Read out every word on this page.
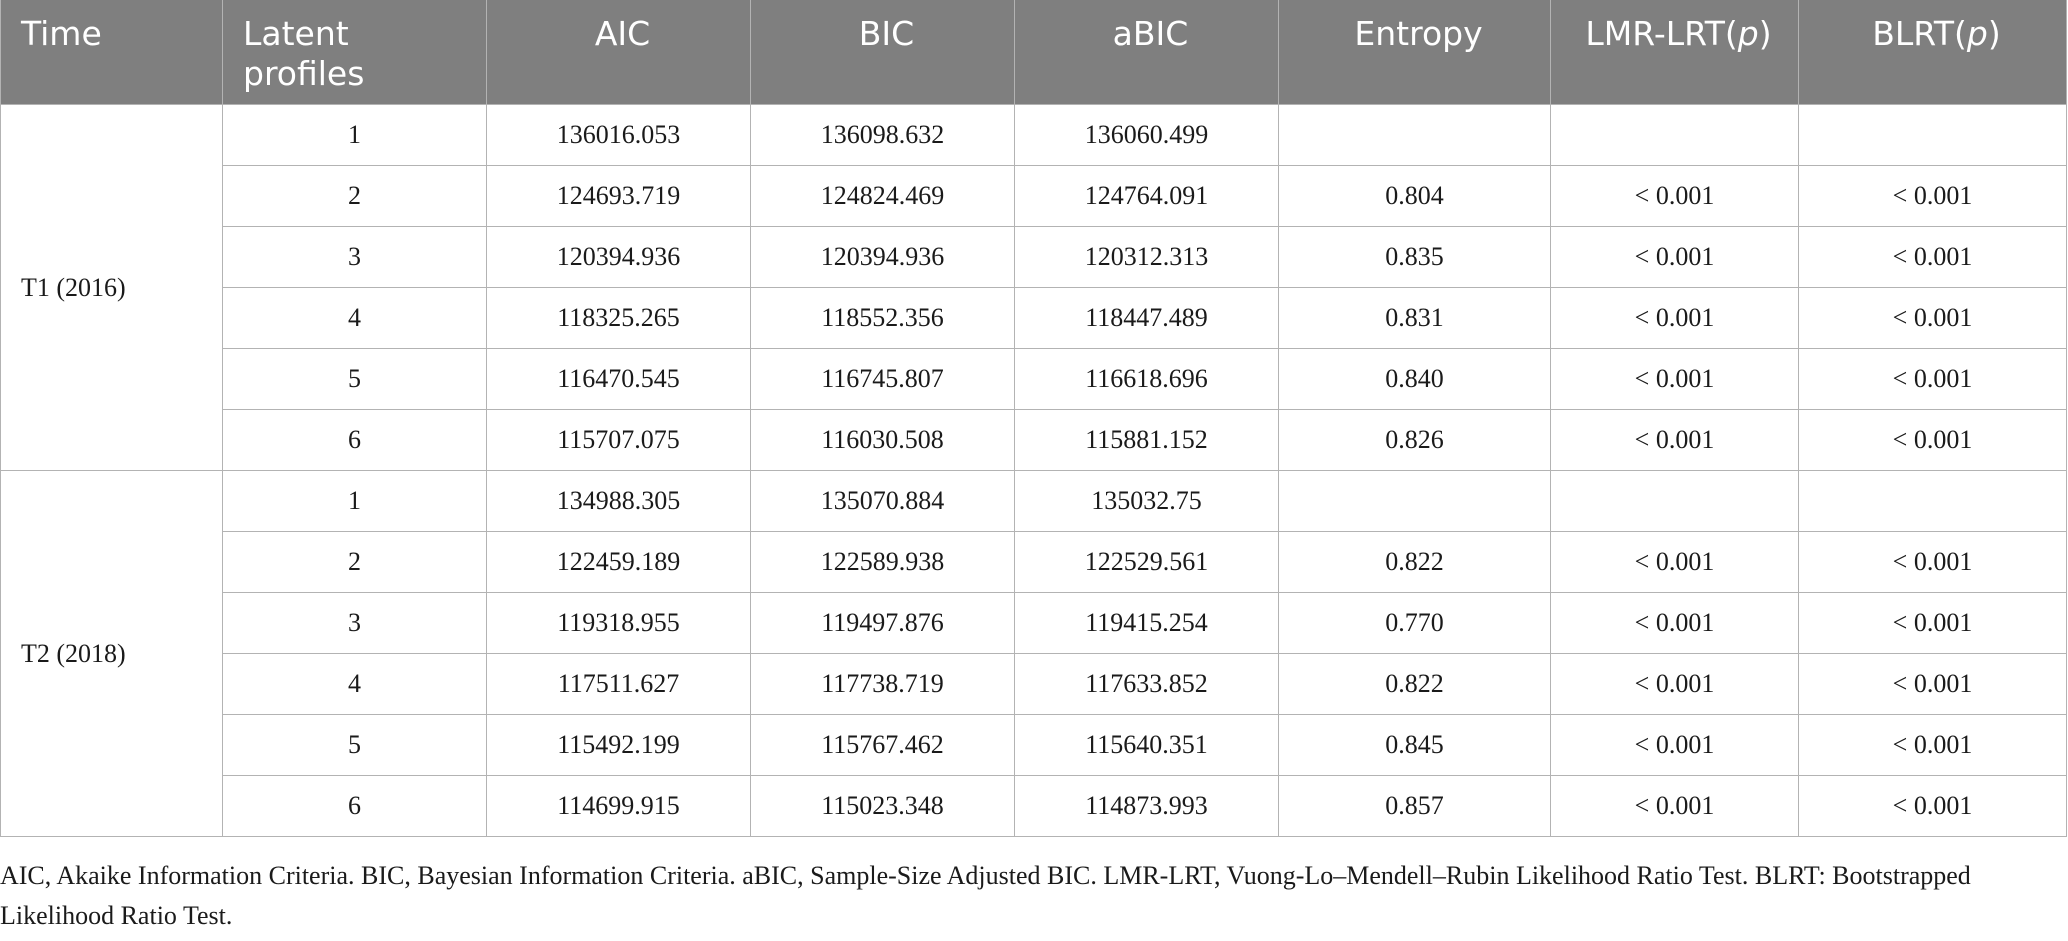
Time	Latent profiles	AIC	BIC	aBIC	Entropy	LMR-LRT(p)	BLRT(p)
T1 (2016)	1	136016.053	136098.632	136060.499			
	2	124693.719	124824.469	124764.091	0.804	< 0.001	< 0.001
	3	120394.936	120394.936	120312.313	0.835	< 0.001	< 0.001
	4	118325.265	118552.356	118447.489	0.831	< 0.001	< 0.001
	5	116470.545	116745.807	116618.696	0.840	< 0.001	< 0.001
	6	115707.075	116030.508	115881.152	0.826	< 0.001	< 0.001
T2 (2018)	1	134988.305	135070.884	135032.75			
	2	122459.189	122589.938	122529.561	0.822	< 0.001	< 0.001
	3	119318.955	119497.876	119415.254	0.770	< 0.001	< 0.001
	4	117511.627	117738.719	117633.852	0.822	< 0.001	< 0.001
	5	115492.199	115767.462	115640.351	0.845	< 0.001	< 0.001
	6	114699.915	115023.348	114873.993	0.857	< 0.001	< 0.001
AIC, Akaike Information Criteria. BIC, Bayesian Information Criteria. aBIC, Sample-Size Adjusted BIC. LMR-LRT, Vuong-Lo–Mendell–Rubin Likelihood Ratio Test. BLRT: Bootstrapped Likelihood Ratio Test.
